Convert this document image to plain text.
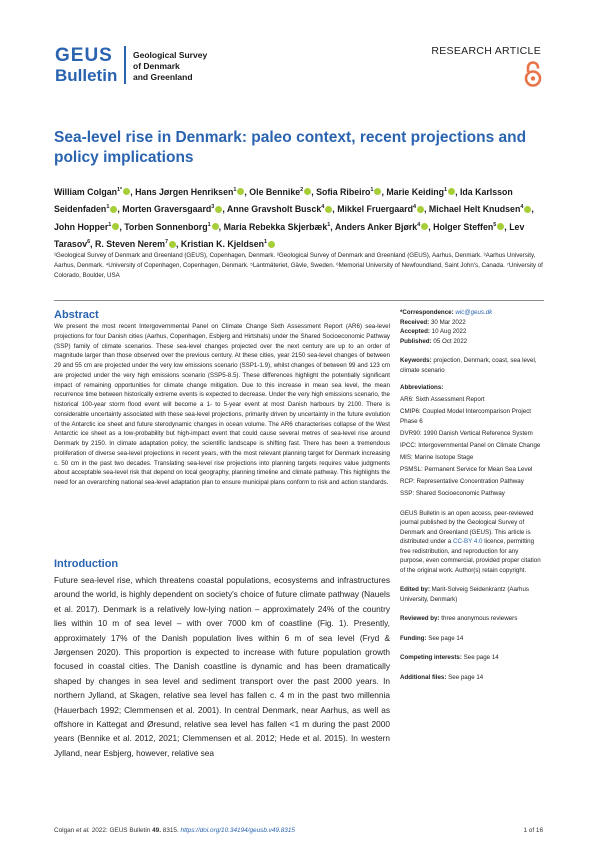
GEUS
Bulletin
Geological Survey
of Denmark
and Greenland
RESEARCH ARTICLE
Sea-level rise in Denmark: paleo context, recent projections and policy implications
William Colgan$^{1*}$ , Hans Jørgen Henriksen$^1$ , Ole Bennike$^2$ , Sofia Ribeiro$^1$ , Marie Keiding$^1$ , Ida Karlsson Seidenfaden$^1$ , Morten Graversgaard$^3$ , Anne Gravsholt Busck$^4$ , Mikkel Fruergaard$^4$ , Michael Helt Knudsen$^4$ , John Hopper$^1$ , Torben Sonnenborg$^1$ , Maria Rebekka Skjerbæk$^1$, Anders Anker Bjørk$^4$ , Holger Steffen$^5$ , Lev Tarasov$^6$, R. Steven Nerem$^7$ , Kristian K. Kjeldsen$^1$
¹Geological Survey of Denmark and Greenland (GEUS), Copenhagen, Denmark. ²Geological Survey of Denmark and Greenland (GEUS), Aarhus, Denmark. ³Aarhus University, Aarhus, Denmark. ⁴University of Copenhagen, Copenhagen, Denmark. ⁵Lantmäteriet, Gävle, Sweden. ⁶Memorial University of Newfoundland, Saint John's, Canada. ⁷University of Colorado, Boulder, USA
Abstract
We present the most recent Intergovernmental Panel on Climate Change Sixth Assessment Report (AR6) sea-level projections for four Danish cities (Aarhus, Copenhagen, Esbjerg and Hirtshals) under the Shared Socioeconomic Pathway (SSP) family of climate scenarios. These sea-level changes projected over the next century are up to an order of magnitude larger than those observed over the previous century. At these cities, year 2150 sea-level changes of between 29 and 55 cm are projected under the very low emissions scenario (SSP1-1.9), whilst changes of between 99 and 123 cm are projected under the very high emissions scenario (SSP5-8.5). These differences highlight the potentially significant impact of remaining opportunities for climate change mitigation. Due to this increase in mean sea level, the mean recurrence time between historically extreme events is expected to decrease. Under the very high emissions scenario, the historical 100-year storm flood event will become a 1- to 5-year event at most Danish harbours by 2100. There is considerable uncertainty associated with these sea-level projections, primarily driven by uncertainty in the future evolution of the Antarctic ice sheet and future sterodynamic changes in ocean volume. The AR6 characterises collapse of the West Antarctic ice sheet as a low-probability but high-impact event that could cause several metres of sea-level rise around Denmark by 2150. In climate adaptation policy, the scientific landscape is shifting fast. There has been a tremendous proliferation of diverse sea-level projections in recent years, with the most relevant planning target for Denmark increasing c. 50 cm in the past two decades. Translating sea-level rise projections into planning targets requires value judgments about acceptable sea-level risk that depend on local geography, planning timeline and climate pathway. This highlights the need for an overarching national sea-level adaptation plan to ensure municipal plans conform to risk and action standards.
Introduction
Future sea-level rise, which threatens coastal populations, ecosystems and infrastructures around the world, is highly dependent on society's choice of future climate pathway (Nauels et al. 2017). Denmark is a relatively low-lying nation – approximately 24% of the country lies within 10 m of sea level – with over 7000 km of coastline (Fig. 1). Presently, approximately 17% of the Danish population lives within 6 m of sea level (Fryd & Jørgensen 2020). This proportion is expected to increase with future population growth focused in coastal cities. The Danish coastline is dynamic and has been dramatically shaped by changes in sea level and sediment transport over the past 2000 years. In northern Jylland, at Skagen, relative sea level has fallen c. 4 m in the past two millennia (Hauerbach 1992; Clemmensen et al. 2001). In central Denmark, near Aarhus, as well as offshore in Kattegat and Øresund, relative sea level has fallen <1 m during the past 2000 years (Bennike et al. 2012, 2021; Clemmensen et al. 2012; Hede et al. 2015). In western Jylland, near Esbjerg, however, relative sea
*Correspondence: wic@geus.dk
Received: 30 Mar 2022
Accepted: 10 Aug 2022
Published: 05 Oct 2022
Keywords: projection, Denmark, coast, sea level, climate scenario
Abbreviations:
AR6: Sixth Assessment Report
CMIP6: Coupled Model Intercomparison Project Phase 6
DVR90: 1990 Danish Vertical Reference System
IPCC: Intergovernmental Panel on Climate Change
MIS: Marine Isotope Stage
PSMSL: Permanent Service for Mean Sea Level
RCP: Representative Concentration Pathway
SSP: Shared Socioeconomic Pathway
GEUS Bulletin is an open access, peer-reviewed journal published by the Geological Survey of Denmark and Greenland (GEUS). This article is distributed under a CC-BY 4.0 licence, permitting free redistribution, and reproduction for any purpose, even commercial, provided proper citation of the original work. Author(s) retain copyright.
Edited by: Marit-Solveig Seidenkrantz (Aarhus University, Denmark)
Reviewed by: three anonymous reviewers
Funding: See page 14
Competing interests: See page 14
Additional files: See page 14
Colgan et al. 2022: GEUS Bulletin 49. 8315. https://doi.org/10.34194/geusb.v49.8315	1 of 16
